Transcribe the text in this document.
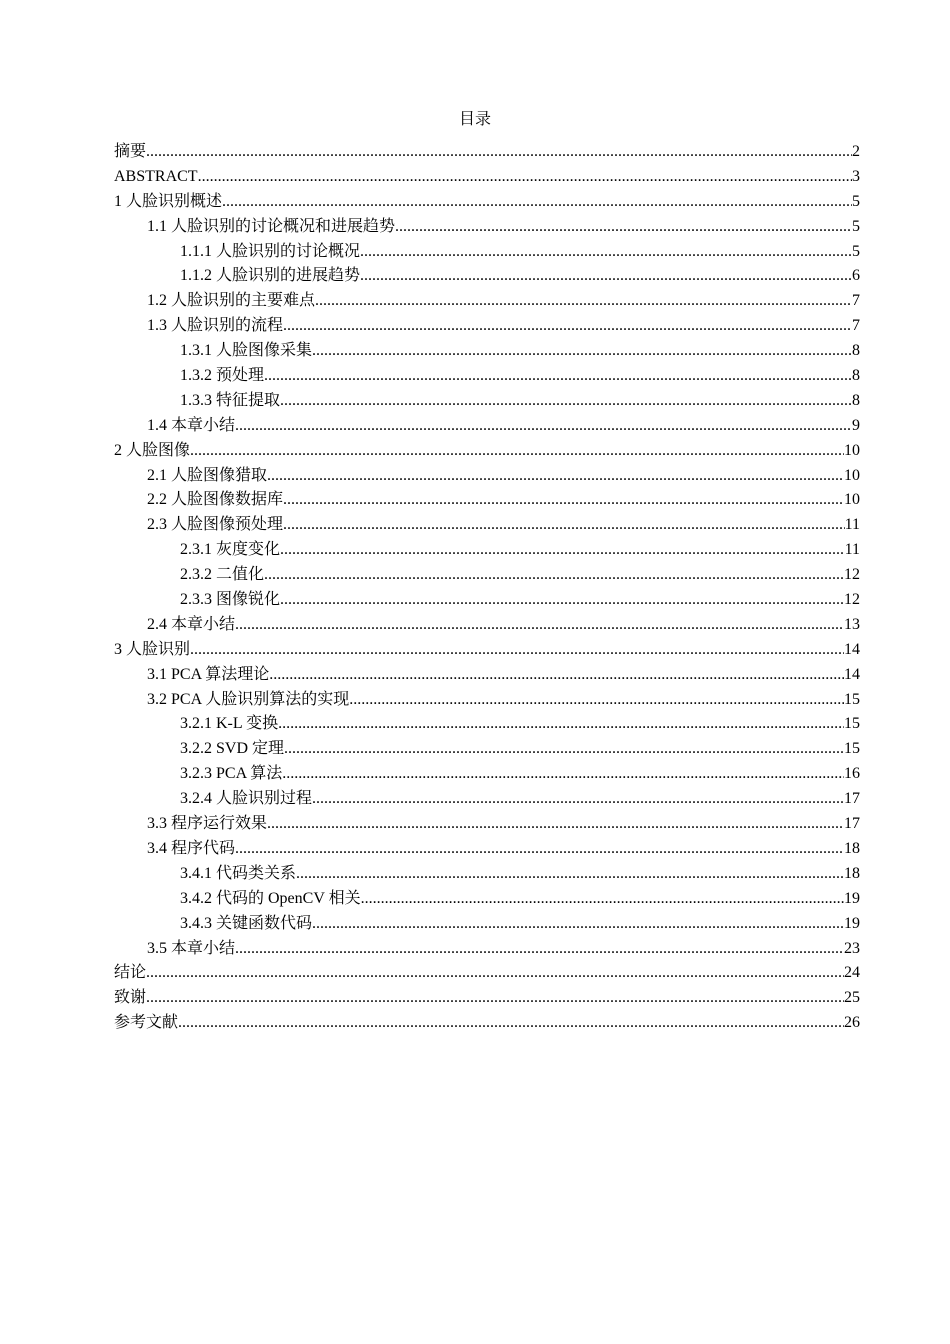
目录
摘要 .....	2
ABSTRACT .....	3
1 人脸识别概述 .....	5
1.1 人脸识别的讨论概况和进展趋势 .....	5
1.1.1 人脸识别的讨论概况 .....	5
1.1.2 人脸识别的进展趋势 .....	6
1.2 人脸识别的主要难点 .....	7
1.3 人脸识别的流程 .....	7
1.3.1 人脸图像采集 .....	8
1.3.2 预处理 .....	8
1.3.3 特征提取 .....	8
1.4 本章小结 .....	9
2 人脸图像 .....	10
2.1 人脸图像猎取 .....	10
2.2 人脸图像数据库 .....	10
2.3 人脸图像预处理 .....	11
2.3.1 灰度变化 .....	11
2.3.2 二值化 .....	12
2.3.3 图像锐化 .....	12
2.4 本章小结 .....	13
3 人脸识别 .....	14
3.1 PCA 算法理论 .....	14
3.2 PCA 人脸识别算法的实现 .....	15
3.2.1 K-L 变换 .....	15
3.2.2 SVD 定理 .....	15
3.2.3 PCA 算法 .....	16
3.2.4 人脸识别过程 .....	17
3.3 程序运行效果 .....	17
3.4 程序代码 .....	18
3.4.1 代码类关系 .....	18
3.4.2 代码的 OpenCV 相关 .....	19
3.4.3 关键函数代码 .....	19
3.5 本章小结 .....	23
结论 .....	24
致谢 .....	25
参考文献 .....	26
